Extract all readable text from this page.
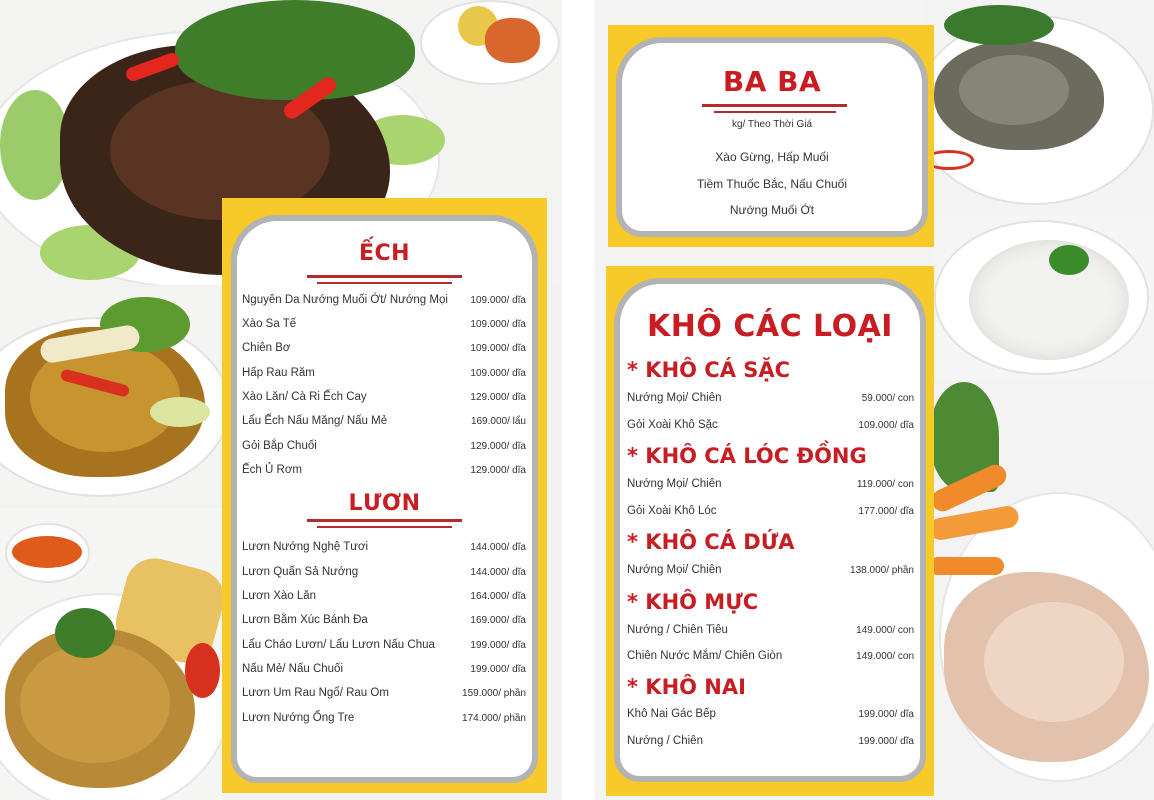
ẾCH
Nguyên Da Nướng Muối Ớt/ Nướng Mọi 109.000/ dĩa
Xào Sa Tế	109.000/ dĩa
Chiên Bơ	109.000/ dĩa
Hấp Rau Răm	109.000/ dĩa
Xào Lăn/ Cà Ri Ếch Cay	129.000/ dĩa
Lẩu Ếch Nấu Măng/ Nấu Mẻ	169.000/ lẩu
Gỏi Bắp Chuối	129.000/ dĩa
Ếch Ủ Rơm	129.000/ dĩa
LƯƠN
Lươn Nướng Nghệ Tươi	144.000/ dĩa
Lươn Quấn Sả Nướng	144.000/ dĩa
Lươn Xào Lăn	164.000/ dĩa
Lươn Bằm Xúc Bánh Đa	169.000/ dĩa
Lẩu Cháo Lươn/ Lẩu Lươn Nấu Chua	199.000/ dĩa
Nấu Mẻ/ Nấu Chuối	199.000/ dĩa
Lươn Um Rau Ngổ/ Rau Om	159.000/ phần
Lươn Nướng Ống Tre	174.000/ phần
BA BA
kg/ Theo Thời Giá
Xào Gừng, Hấp Muối
Tiềm Thuốc Bắc, Nấu Chuối
Nướng Muối Ớt
KHÔ CÁC LOẠI
* KHÔ CÁ SẶC
Nướng Mọi/ Chiên	59.000/ con
Gỏi Xoài Khô Sặc	109.000/ dĩa
* KHÔ CÁ LÓC ĐỒNG
Nướng Mọi/ Chiên	119.000/ con
Gỏi Xoài Khô Lóc	177.000/ dĩa
* KHÔ CÁ DỨA
Nướng Mọi/ Chiên	138.000/ phần
* KHÔ MỰC
Nướng / Chiên Tiêu	149.000/ con
Chiên Nước Mắm/ Chiên Giòn	149.000/ con
* KHÔ NAI
Khô Nai Gác Bếp	199.000/ dĩa
Nướng / Chiên	199.000/ dĩa
